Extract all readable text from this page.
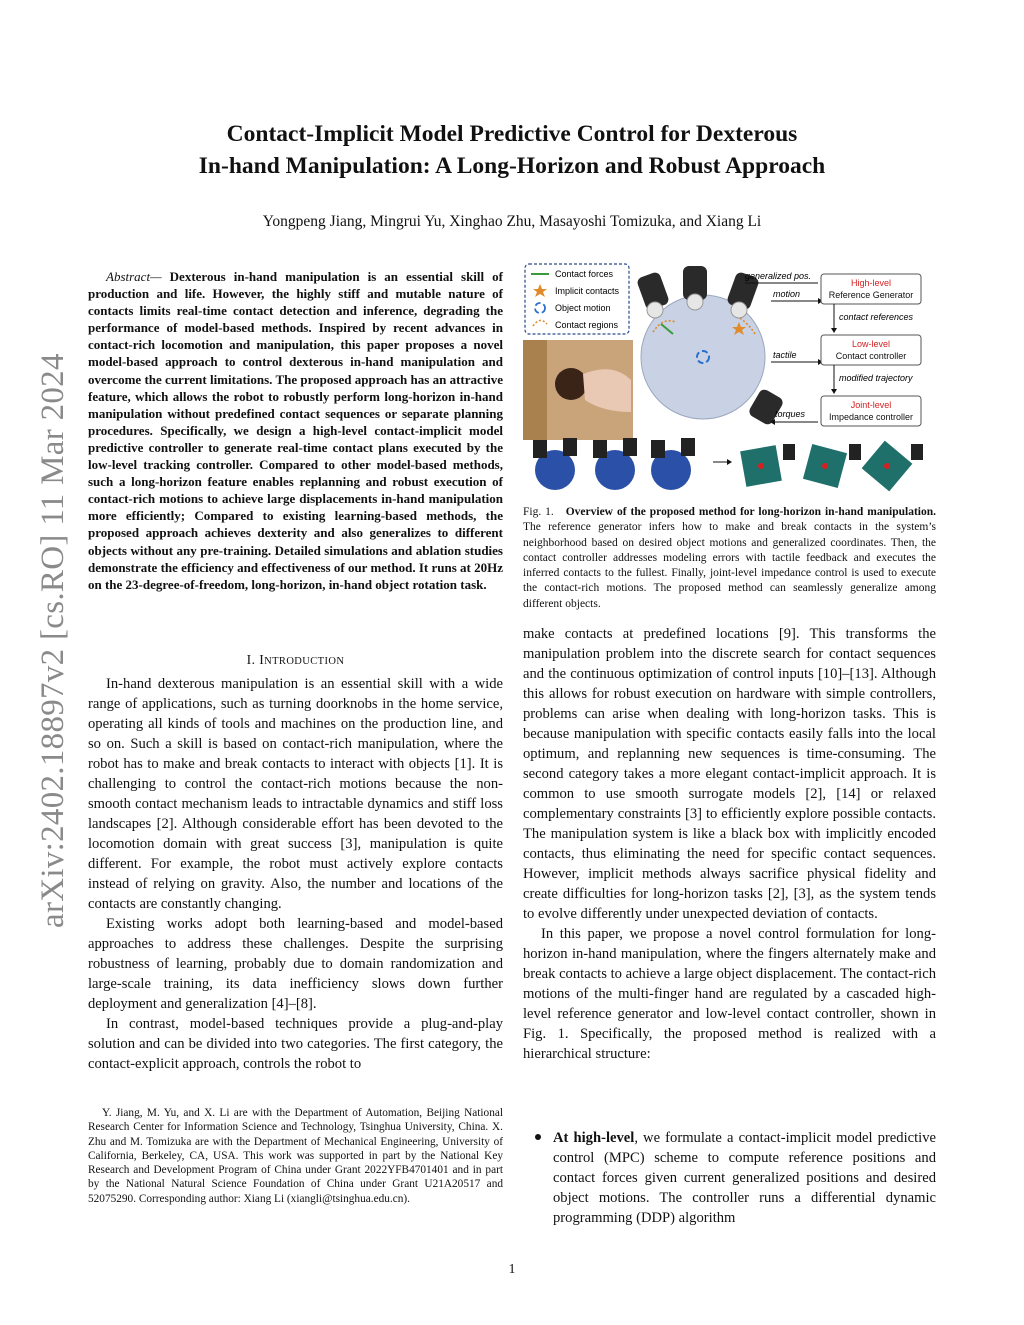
arXiv:2402.18897v2 [cs.RO] 11 Mar 2024
Contact-Implicit Model Predictive Control for Dexterous
In-hand Manipulation: A Long-Horizon and Robust Approach
Yongpeng Jiang, Mingrui Yu, Xinghao Zhu, Masayoshi Tomizuka, and Xiang Li
Abstract— Dexterous in-hand manipulation is an essential skill of production and life. However, the highly stiff and mutable nature of contacts limits real-time contact detection and inference, degrading the performance of model-based methods. Inspired by recent advances in contact-rich locomotion and manipulation, this paper proposes a novel model-based approach to control dexterous in-hand manipulation and overcome the current limitations. The proposed approach has an attractive feature, which allows the robot to robustly perform long-horizon in-hand manipulation without predefined contact sequences or separate planning procedures. Specifically, we design a high-level contact-implicit model predictive controller to generate real-time contact plans executed by the low-level tracking controller. Compared to other model-based methods, such a long-horizon feature enables replanning and robust execution of contact-rich motions to achieve large displacements in-hand manipulation more efficiently; Compared to existing learning-based methods, the proposed approach achieves dexterity and also generalizes to different objects without any pre-training. Detailed simulations and ablation studies demonstrate the efficiency and effectiveness of our method. It runs at 20Hz on the 23-degree-of-freedom, long-horizon, in-hand object rotation task.
I. INTRODUCTION

In-hand dexterous manipulation is an essential skill with a wide range of applications, such as turning doorknobs in the home service, operating all kinds of tools and machines on the production line, and so on. Such a skill is based on contact-rich manipulation, where the robot has to make and break contacts to interact with objects [1]. It is challenging to control the contact-rich motions because the non-smooth contact mechanism leads to intractable dynamics and stiff loss landscapes [2]. Although considerable effort has been devoted to the locomotion domain with great success [3], manipulation is quite different. For example, the robot must actively explore contacts instead of relying on gravity. Also, the number and locations of the contacts are constantly changing.

Existing works adopt both learning-based and model-based approaches to address these challenges. Despite the surprising robustness of learning, probably due to domain randomization and large-scale training, its data inefficiency slows down further deployment and generalization [4]–[8].

In contrast, model-based techniques provide a plug-and-play solution and can be divided into two categories. The first category, the contact-explicit approach, controls the robot to

Y. Jiang, M. Yu, and X. Li are with the Department of Automation, Beijing National Research Center for Information Science and Technology, Tsinghua University, China. X. Zhu and M. Tomizuka are with the Department of Mechanical Engineering, University of California, Berkeley, CA, USA. This work was supported in part by the National Key Research and Development Program of China under Grant 2022YFB4701401 and in part by the National Natural Science Foundation of China under Grant U21A20517 and 52075290. Corresponding author: Xiang Li (xiangli@tsinghua.edu.cn).

Contact forces
Implicit contacts
Object motion
Contact regions
generalized pos.
motion
tactile
torques
High-level
Reference Generator
contact references
Low-level
Contact controller
modified trajectory
Joint-level
Impedance controller
Fig. 1. Overview of the proposed method for long-horizon in-hand manipulation. The reference generator infers how to make and break contacts in the system’s neighborhood based on desired object motions and generalized coordinates. Then, the contact controller addresses modeling errors with tactile feedback and executes the inferred contacts to the fullest. Finally, joint-level impedance control is used to execute the contact-rich motions. The proposed method can seamlessly generalize among different objects.

make contacts at predefined locations [9]. This transforms the manipulation problem into the discrete search for contact sequences and the continuous optimization of control inputs [10]–[13]. Although this allows for robust execution on hardware with simple controllers, problems can arise when dealing with long-horizon tasks. This is because manipulation with specific contacts easily falls into the local optimum, and replanning new sequences is time-consuming. The second category takes a more elegant contact-implicit approach. It is common to use smooth surrogate models [2], [14] or relaxed complementary constraints [3] to efficiently explore possible contacts. The manipulation system is like a black box with implicitly encoded contacts, thus eliminating the need for specific contact sequences. However, implicit methods always sacrifice physical fidelity and create difficulties for long-horizon tasks [2], [3], as the system tends to evolve differently under unexpected deviation of contacts.

In this paper, we propose a novel control formulation for long-horizon in-hand manipulation, where the fingers alternately make and break contacts to achieve a large object displacement. The contact-rich motions of the multi-finger hand are regulated by a cascaded high-level reference generator and low-level contact controller, shown in Fig. 1. Specifically, the proposed method is realized with a hierarchical structure:

At high-level, we formulate a contact-implicit model predictive control (MPC) scheme to compute reference positions and contact forces given current generalized positions and desired object motions. The controller runs a differential dynamic programming (DDP) algorithm
1
